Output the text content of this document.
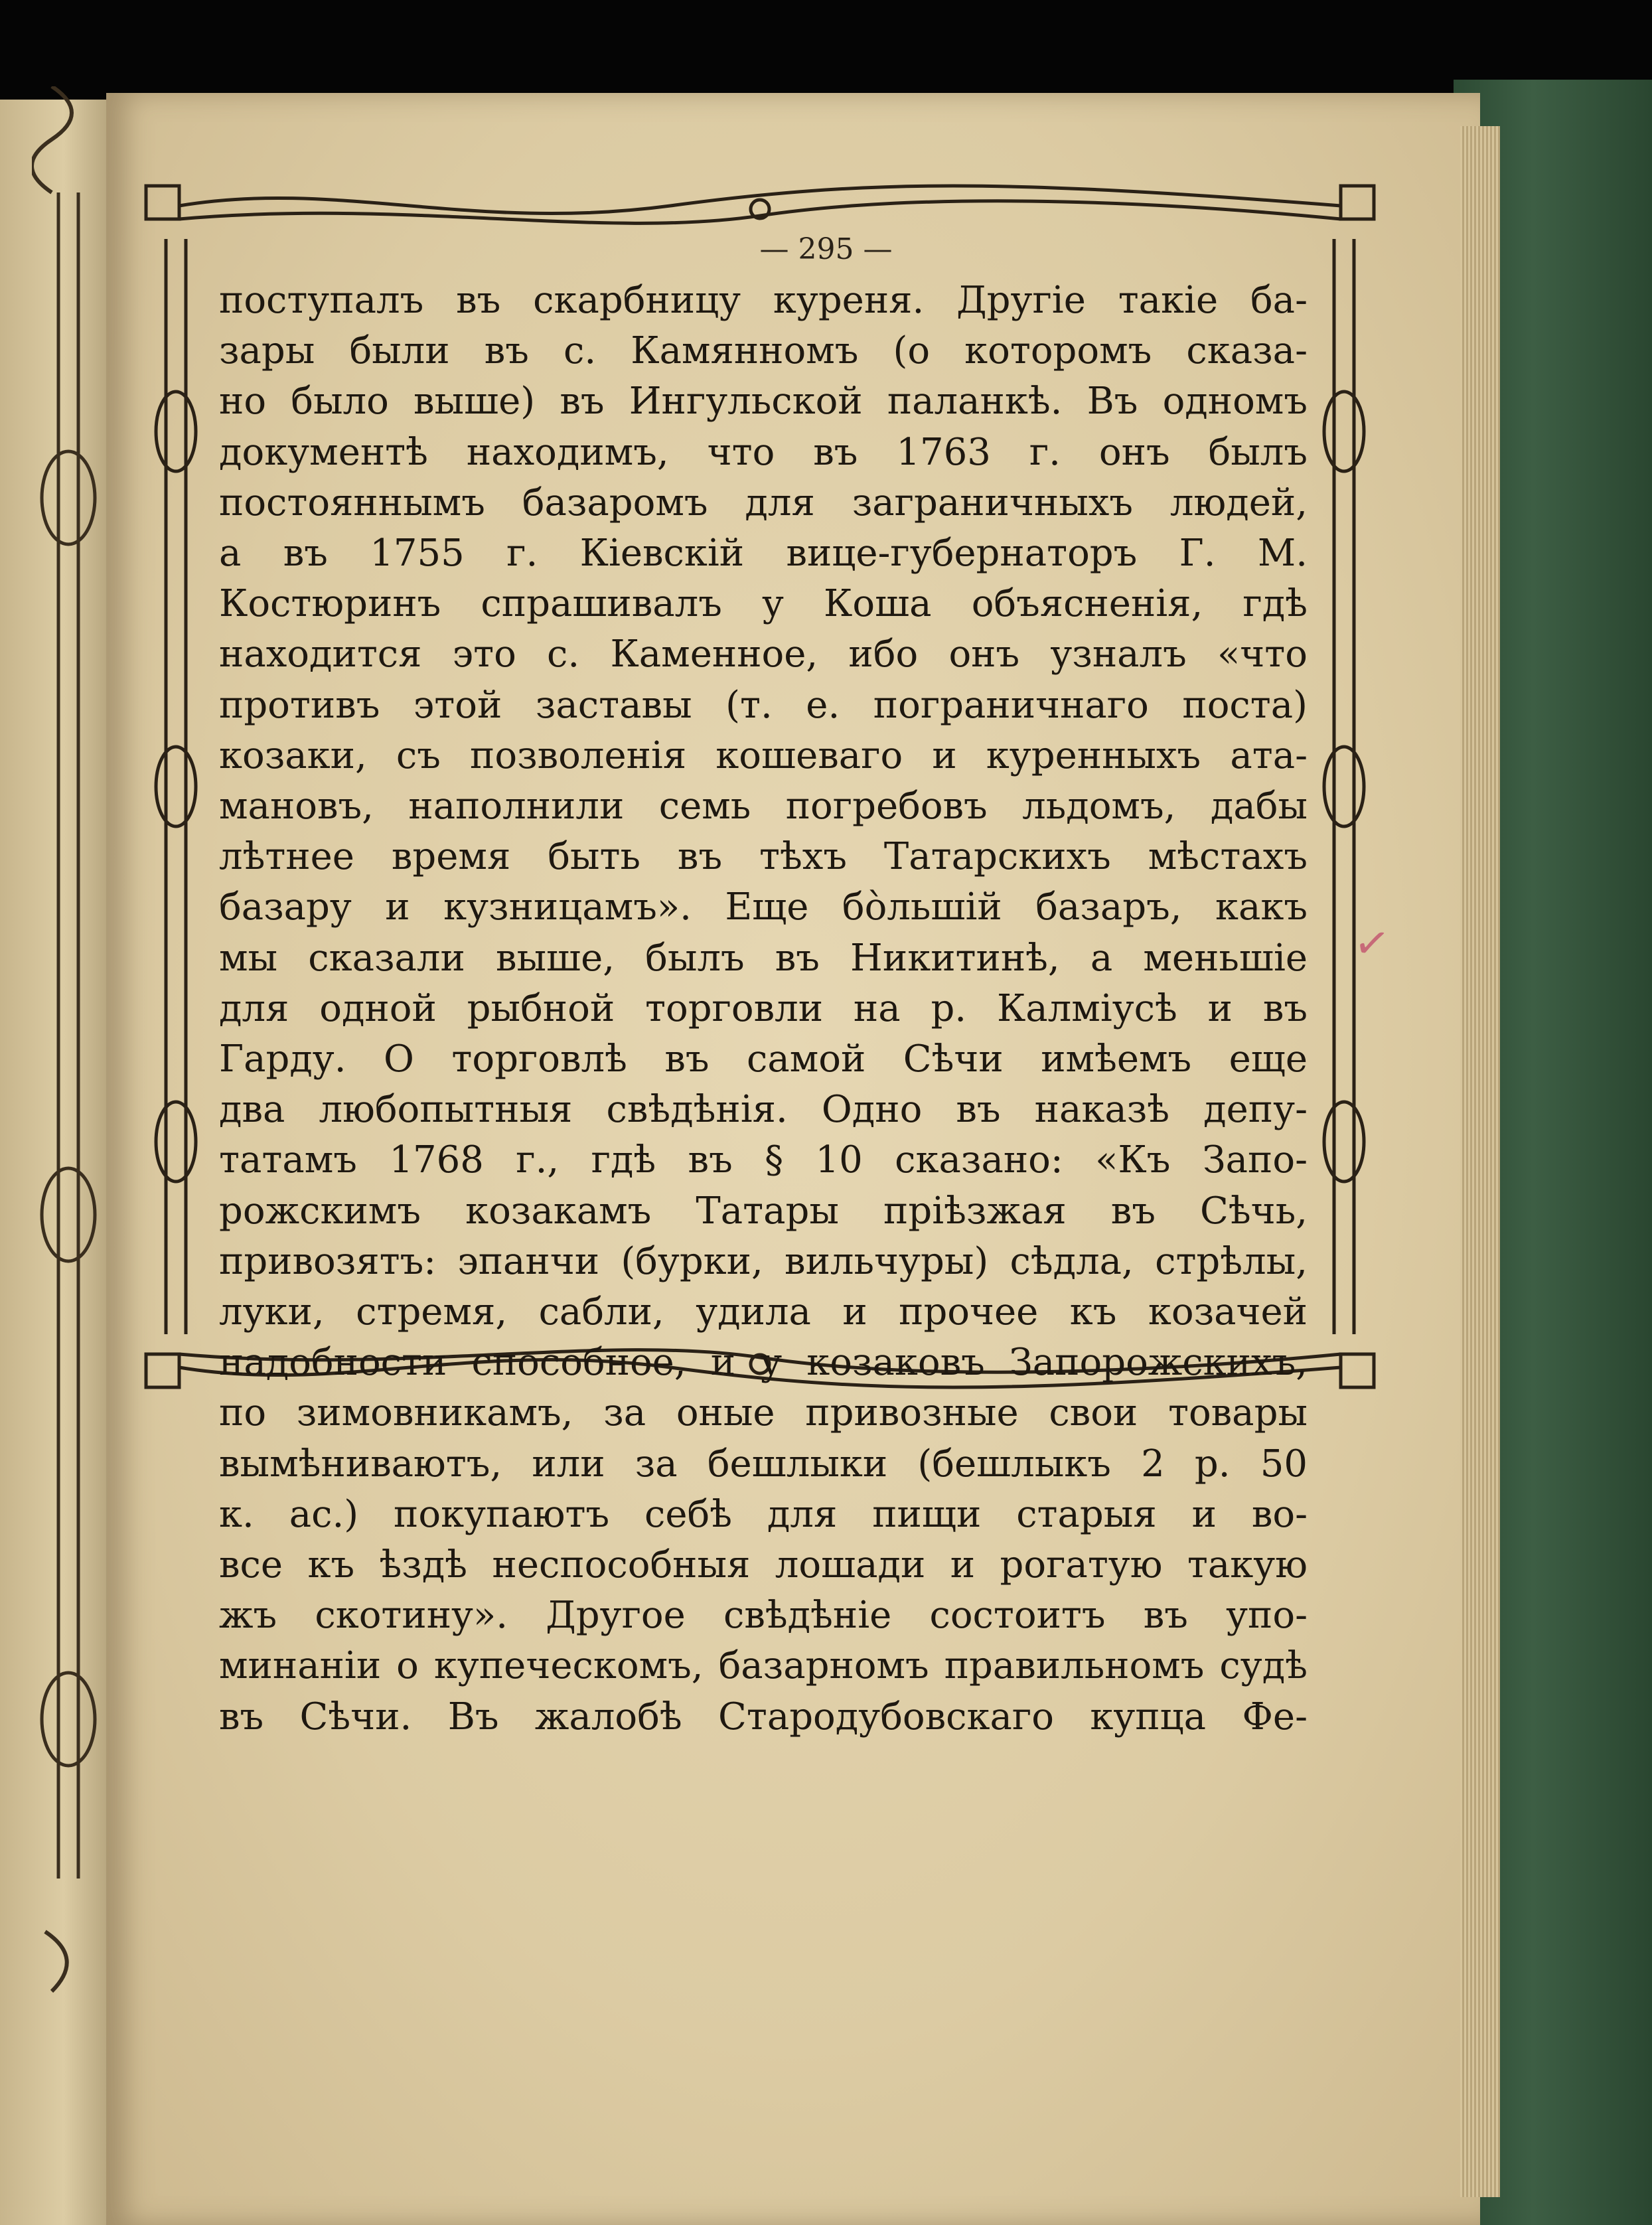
— 295 —
поступалъ въ скарбницу куреня. Другіе такіе ба-
зары были въ с. Камянномъ (о которомъ сказа-
но было выше) въ Ингульской паланкѣ. Въ одномъ
документѣ находимъ, что въ 1763 г. онъ былъ
постояннымъ базаромъ для заграничныхъ людей,
а въ 1755 г. Кіевскій вице-губернаторъ Г. М.
Костюринъ спрашивалъ у Коша объясненія, гдѣ
находится это с. Каменное, ибо онъ узналъ «что
противъ этой заставы (т. е. пограничнаго поста)
козаки, съ позволенія кошеваго и куренныхъ ата-
мановъ, наполнили семь погребовъ льдомъ, дабы
лѣтнее время быть въ тѣхъ Татарскихъ мѣстахъ
базару и кузницамъ». Еще бо̀льшій базаръ, какъ
мы сказали выше, былъ въ Никитинѣ, а меньшіе
для одной рыбной торговли на р. Калміусѣ и въ
Гарду. О торговлѣ въ самой Сѣчи имѣемъ еще
два любопытныя свѣдѣнія. Одно въ наказѣ депу-
татамъ 1768 г., гдѣ въ § 10 сказано: «Къ Запо-
рожскимъ козакамъ Татары пріѣзжая въ Сѣчь,
привозятъ: эпанчи (бурки, вильчуры) сѣдла, стрѣлы,
луки, стремя, сабли, удила и прочее къ козачей
надобности способное, и у козаковъ Запорожскихъ,
по зимовникамъ, за оные привозные свои товары
вымѣниваютъ, или за бешлыки (бешлыкъ 2 р. 50
к. ас.) покупаютъ себѣ для пищи старыя и во-
все къ ѣздѣ неспособныя лошади и рогатую такую
жъ скотину». Другое свѣдѣніе состоитъ въ упо-
минаніи о купеческомъ, базарномъ правильномъ судѣ
въ Сѣчи. Въ жалобѣ Стародубовскаго купца Фе-
✓
